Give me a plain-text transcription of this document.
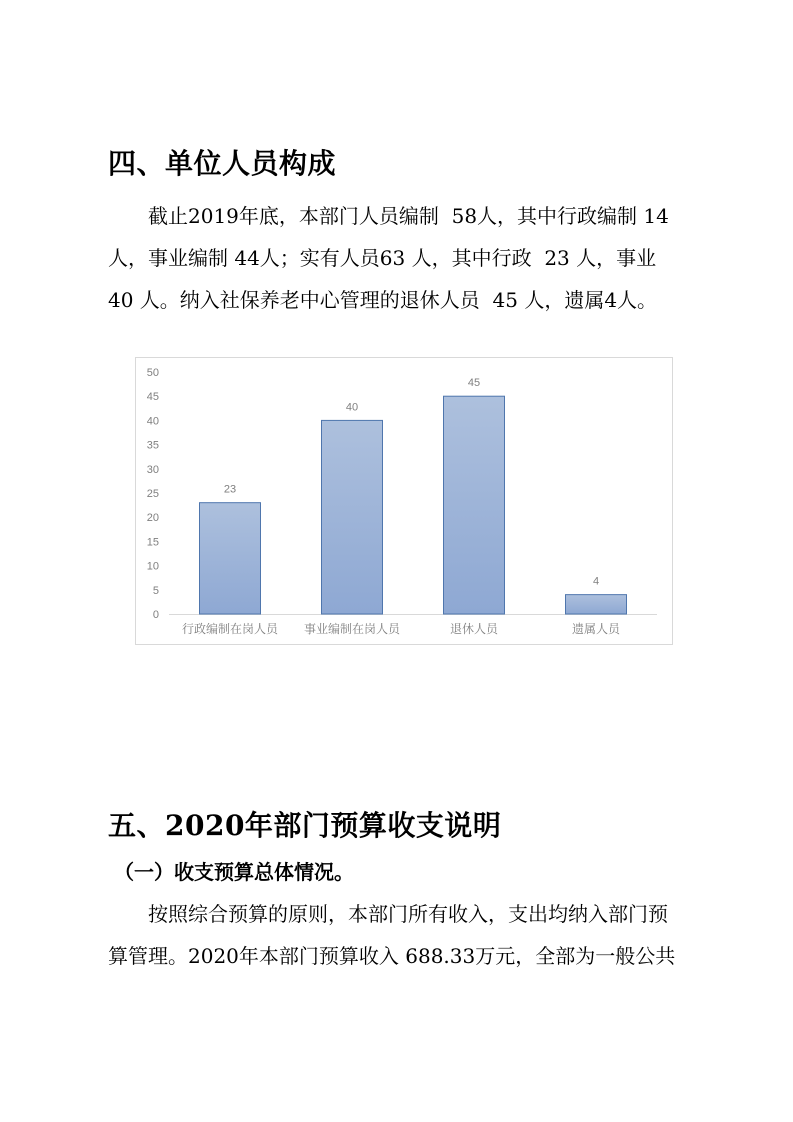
四、单位人员构成
截止2019年底，本部门人员编制  58人，其中行政编制 14
人，事业编制 44人；实有人员63 人，其中行政  23 人，事业
40 人。纳入社保养老中心管理的退休人员  45 人，遗属4人。
0
5
10
15
20
25
30
35
40
45
50
23
行政编制在岗人员
40
事业编制在岗人员
45
退休人员
4
遗属人员
五、2020年部门预算收支说明
（一）收支预算总体情况。
按照综合预算的原则，本部门所有收入，支出均纳入部门预
算管理。2020年本部门预算收入 688.33万元，全部为一般公共
